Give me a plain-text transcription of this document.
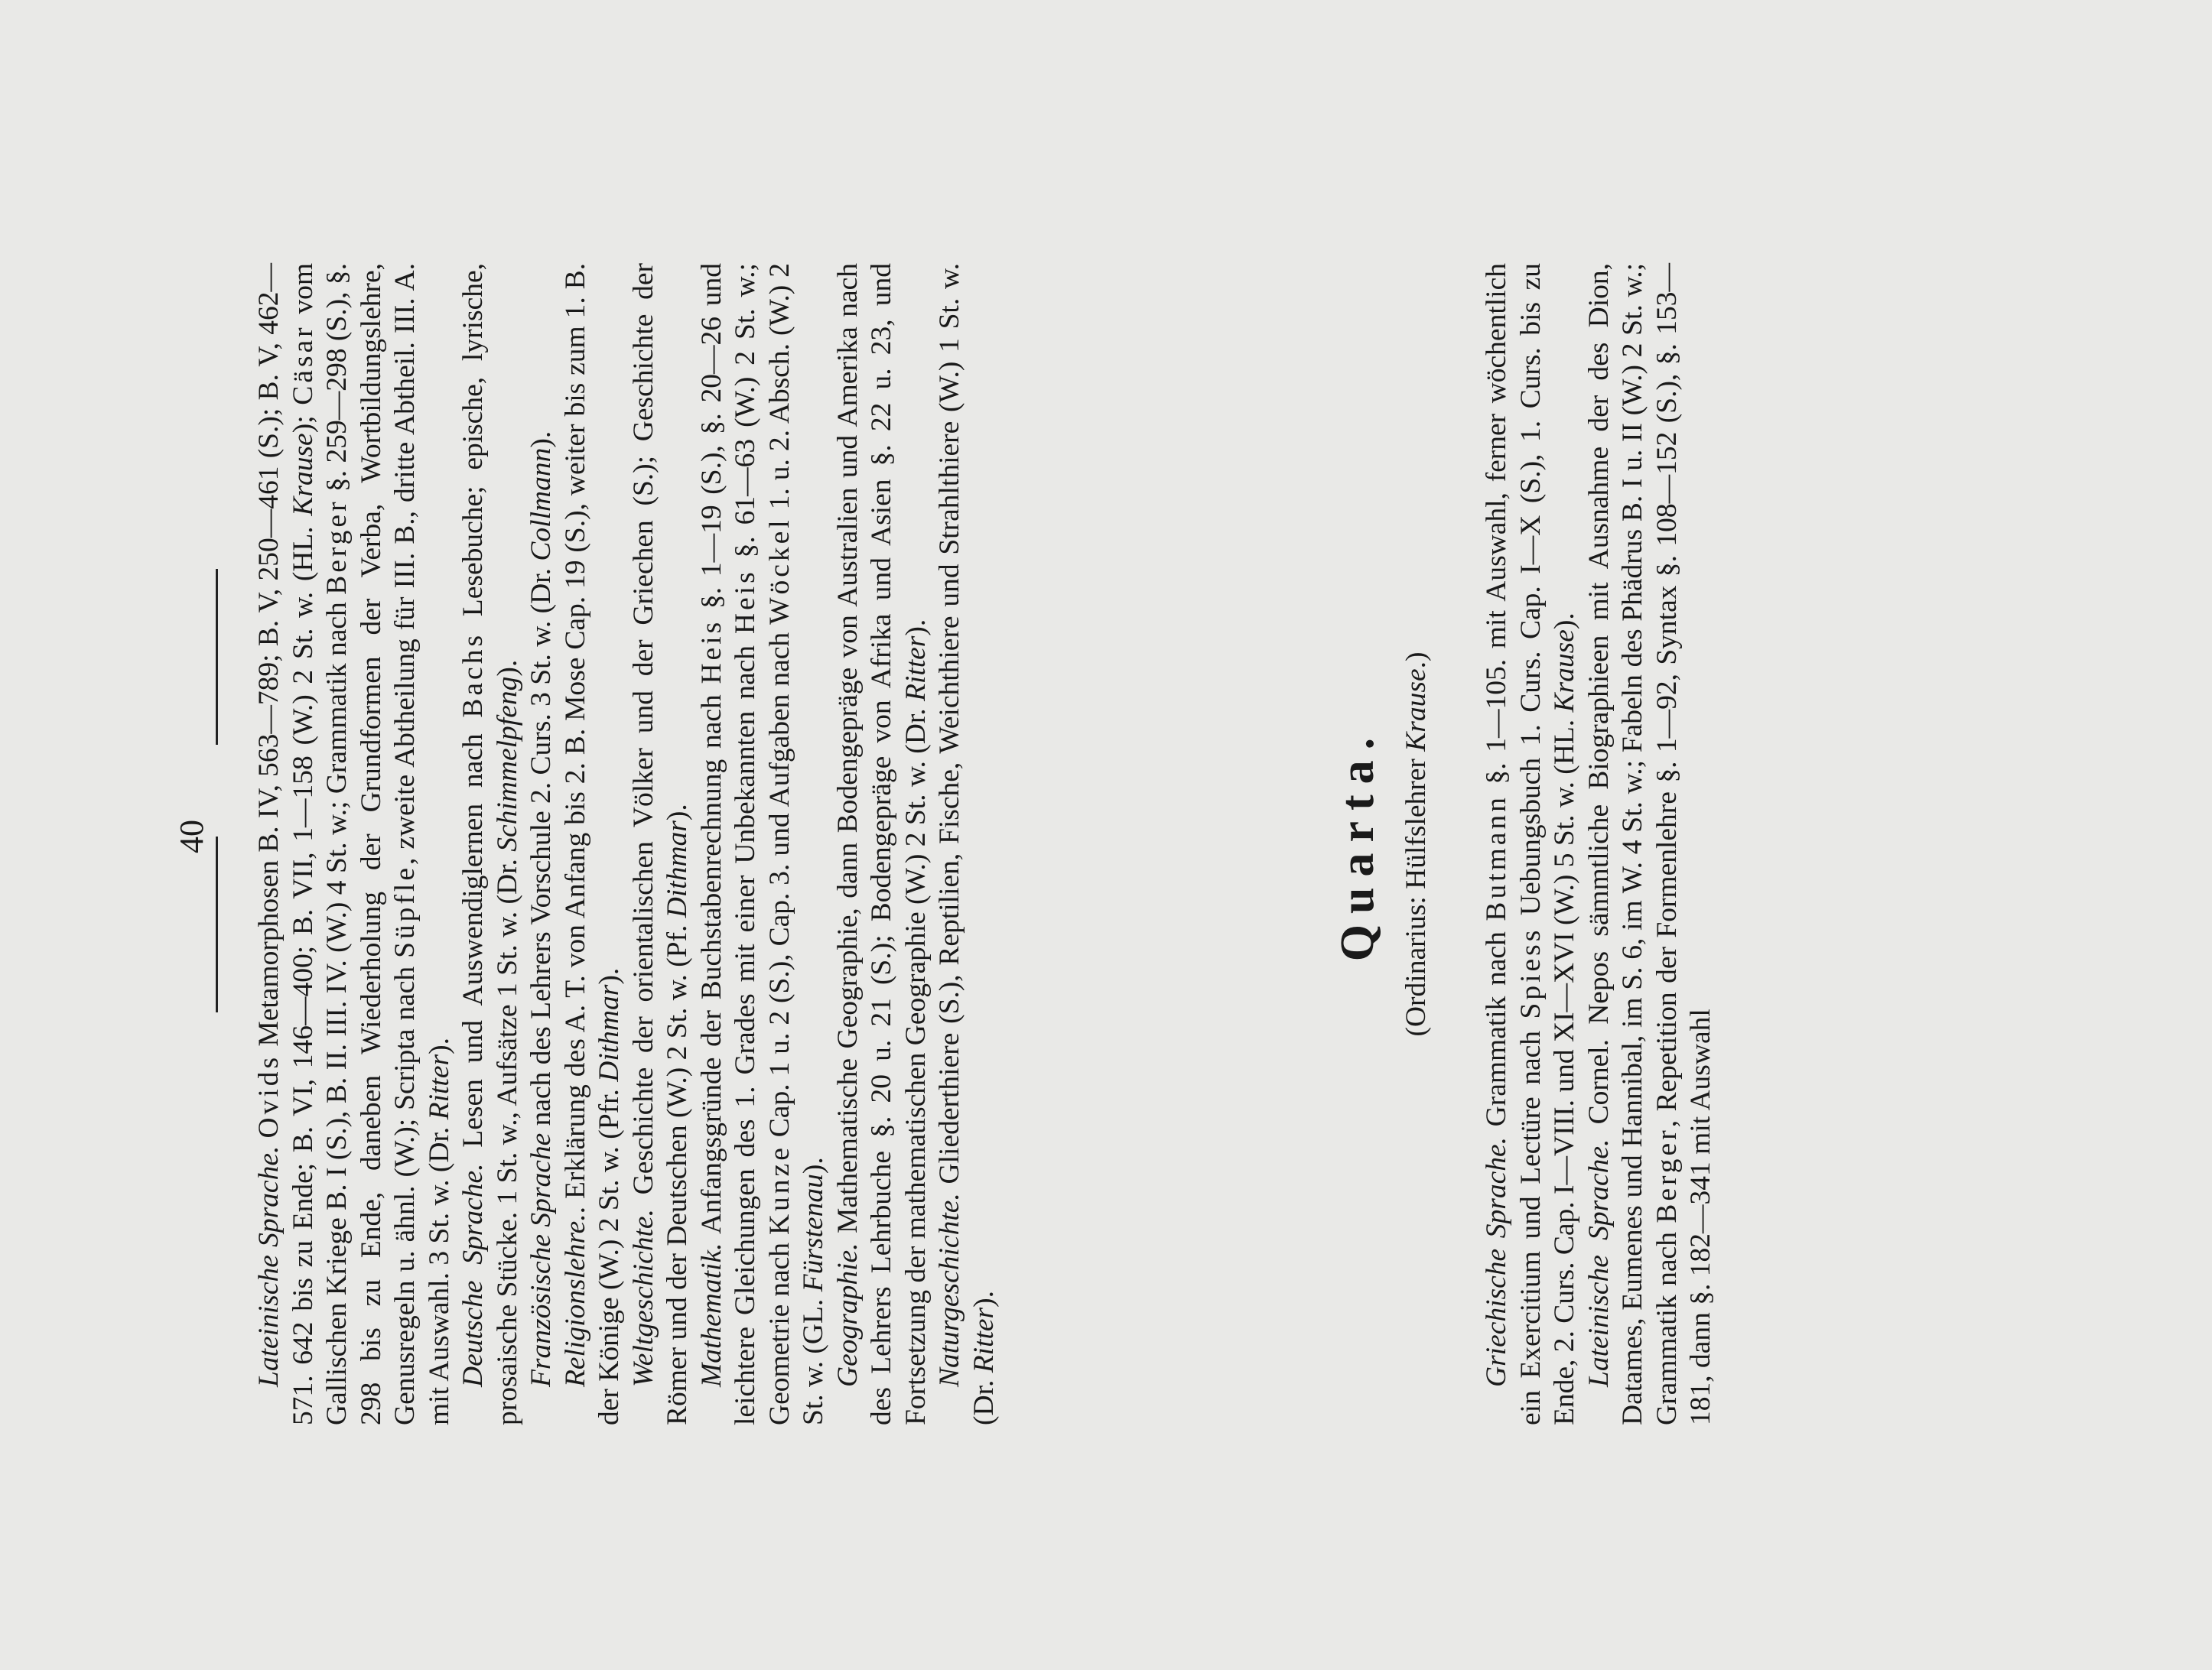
40

Lateinische Sprache. Ovids Metamorphosen B. IV, 563—789; B. V, 250—461 (S.); B. V, 462—571. 642 bis zu Ende; B. VI, 146—400; B. VII, 1—158 (W.) 2 St. w. (HL. Krause); Cäsar vom Gallischen Kriege B. I (S.), B. II. III. IV. (W.) 4 St. w.; Grammatik nach Berger §. 259—298 (S.), §. 298 bis zu Ende, daneben Wiederholung der Grundformen der Verba, Wortbildungslehre, Genusregeln u. ähnl. (W.); Scripta nach Süpfle, zweite Abtheilung für III. B., dritte Abtheil. III. A. mit Auswahl. 3 St. w. (Dr. Ritter).

Deutsche Sprache. Lesen und Auswendiglernen nach Bachs Lesebuche; epische, lyrische, prosaische Stücke. 1 St. w., Aufsätze 1 St. w. (Dr. Schimmelpfeng).

Französische Sprache nach des Lehrers Vorschule 2. Curs. 3 St. w. (Dr. Collmann).

Religionslehre.. Erklärung des A. T. von Anfang bis 2. B. Mose Cap. 19 (S.), weiter bis zum 1. B. der Könige (W.) 2 St. w. (Pfr. Dithmar).

Weltgeschichte. Geschichte der orientalischen Völker und der Griechen (S.); Geschichte der Römer und der Deutschen (W.) 2 St. w. (Pf. Dithmar).

Mathematik. Anfangsgründe der Buchstabenrechnung nach Heis §. 1—19 (S.), §. 20—26 und leichtere Gleichungen des 1. Grades mit einer Unbekannten nach Heis §. 61—63 (W.) 2 St. w.; Geometrie nach Kunze Cap. 1 u. 2 (S.), Cap. 3. und Aufgaben nach Wöckel 1. u. 2. Absch. (W.) 2 St. w. (GL. Fürstenau).

Geographie. Mathematische Geographie, dann Bodengepräge von Australien und Amerika nach des Lehrers Lehrbuche §. 20 u. 21 (S.); Bodengepräge von Afrika und Asien §. 22 u. 23, und Fortsetzung der mathematischen Geographie (W.) 2 St. w. (Dr. Ritter).

Naturgeschichte. Gliederthiere (S.), Reptilien, Fische, Weichthiere und Strahlthiere (W.) 1 St. w. (Dr. Ritter).

Quarta. (Ordinarius: Hülfslehrer Krause.)

Griechische Sprache. Grammatik nach Butmann §. 1—105. mit Auswahl, ferner wöchentlich ein Exercitium und Lectüre nach Spiess Uebungsbuch 1. Curs. Cap. I—X (S.), 1. Curs. bis zu Ende, 2. Curs. Cap. I—VIII. und XI—XVI (W.) 5 St. w. (HL. Krause).

Lateinische Sprache. Cornel. Nepos sämmtliche Biographieen mit Ausnahme der des Dion, Datames, Eumenes und Hannibal, im S. 6, im W. 4 St. w.; Fabeln des Phädrus B. I u. II (W.) 2 St. w.; Grammatik nach Berger, Repetition der Formenlehre §. 1—92, Syntax §. 108—152 (S.), §. 153—181, dann §. 182—341 mit Auswahl
